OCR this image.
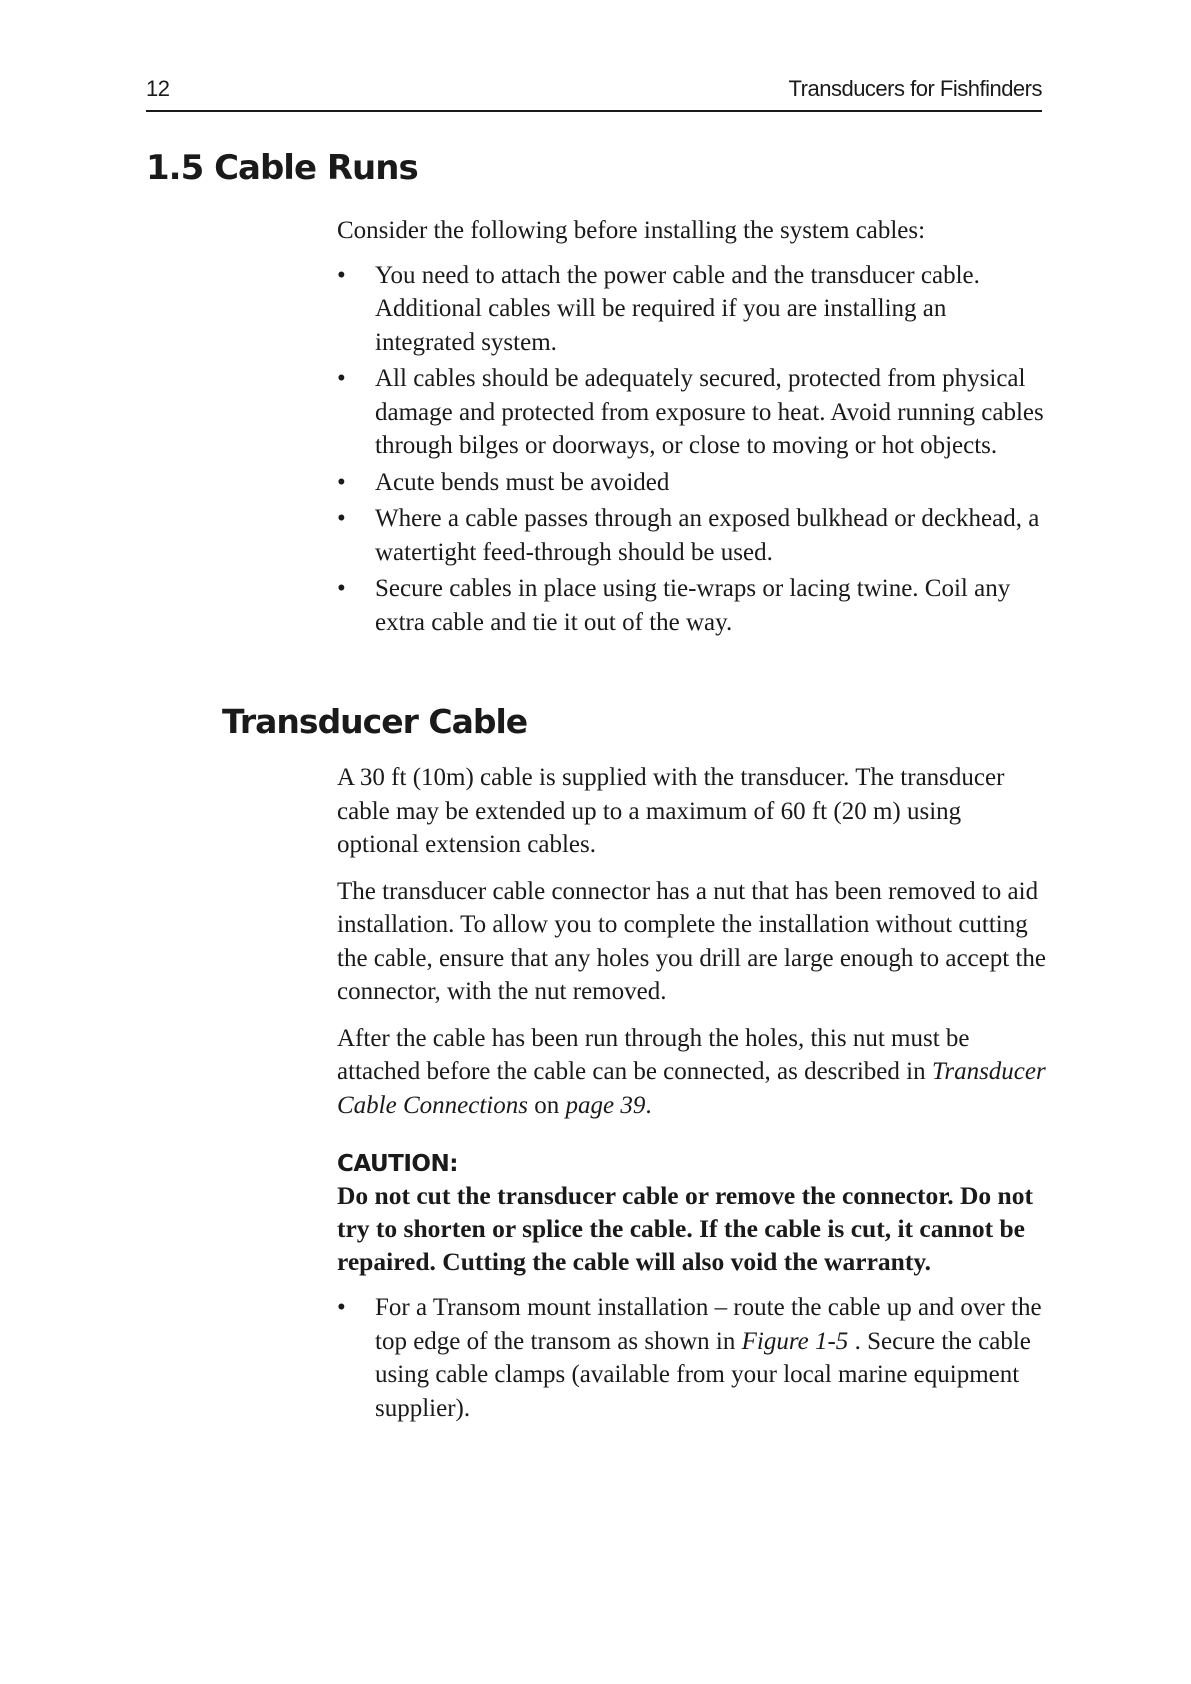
12	Transducers for Fishfinders
1.5 Cable Runs

Consider the following before installing the system cables:

• You need to attach the power cable and the transducer cable. Additional cables will be required if you are installing an integrated system.
• All cables should be adequately secured, protected from physical damage and protected from exposure to heat. Avoid running cables through bilges or doorways, or close to moving or hot objects.
• Acute bends must be avoided
• Where a cable passes through an exposed bulkhead or deckhead, a watertight feed-through should be used.
• Secure cables in place using tie-wraps or lacing twine. Coil any extra cable and tie it out of the way.
Transducer Cable

A 30 ft (10m) cable is supplied with the transducer. The transducer cable may be extended up to a maximum of 60 ft (20 m) using optional extension cables.

The transducer cable connector has a nut that has been removed to aid installation. To allow you to complete the installation without cutting the cable, ensure that any holes you drill are large enough to accept the connector, with the nut removed.

After the cable has been run through the holes, this nut must be attached before the cable can be connected, as described in Transducer Cable Connections on page 39.

CAUTION:
Do not cut the transducer cable or remove the connector. Do not try to shorten or splice the cable. If the cable is cut, it cannot be repaired. Cutting the cable will also void the warranty.
• For a Transom mount installation – route the cable up and over the top edge of the transom as shown in Figure 1-5 . Secure the cable using cable clamps (available from your local marine equipment supplier).
